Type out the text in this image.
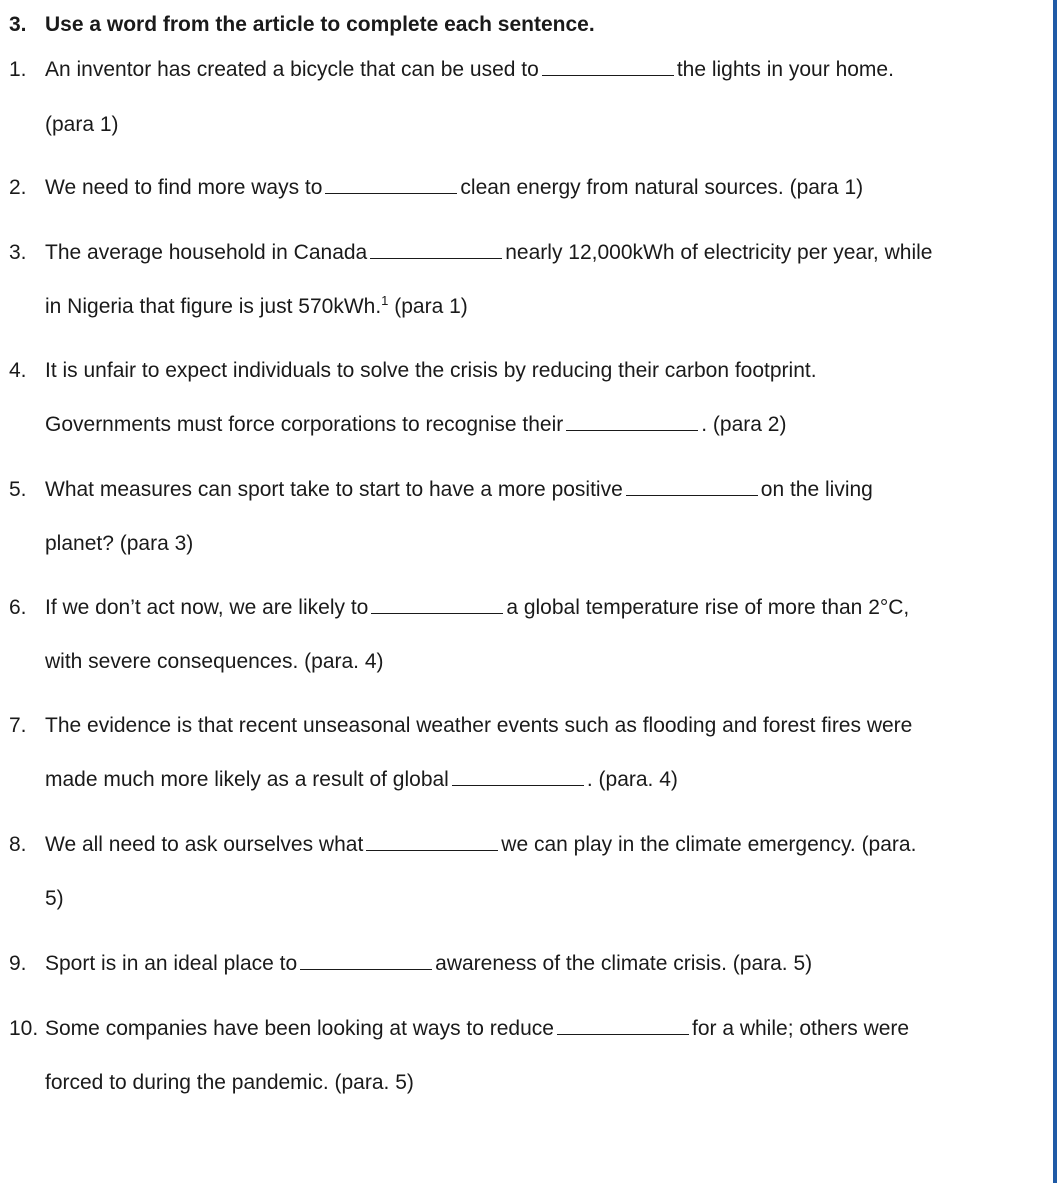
3. Use a word from the article to complete each sentence.
1. An inventor has created a bicycle that can be used to	the lights in your home.
(para 1)
2. We need to find more ways to	clean energy from natural sources. (para 1)
3. The average household in Canada	nearly 12,000kWh of electricity per year, while
in Nigeria that figure is just 570kWh.$^1$ (para 1)
4. It is unfair to expect individuals to solve the crisis by reducing their carbon footprint.
Governments must force corporations to recognise their	. (para 2)
5. What measures can sport take to start to have a more positive	on the living
planet? (para 3)
6. If we don’t act now, we are likely to	a global temperature rise of more than 2°C,
with severe consequences. (para. 4)
7. The evidence is that recent unseasonal weather events such as flooding and forest fires were
made much more likely as a result of global	. (para. 4)
8. We all need to ask ourselves what	we can play in the climate emergency. (para.
5)
9. Sport is in an ideal place to	awareness of the climate crisis. (para. 5)
10. Some companies have been looking at ways to reduce	for a while; others were
forced to during the pandemic. (para. 5)
